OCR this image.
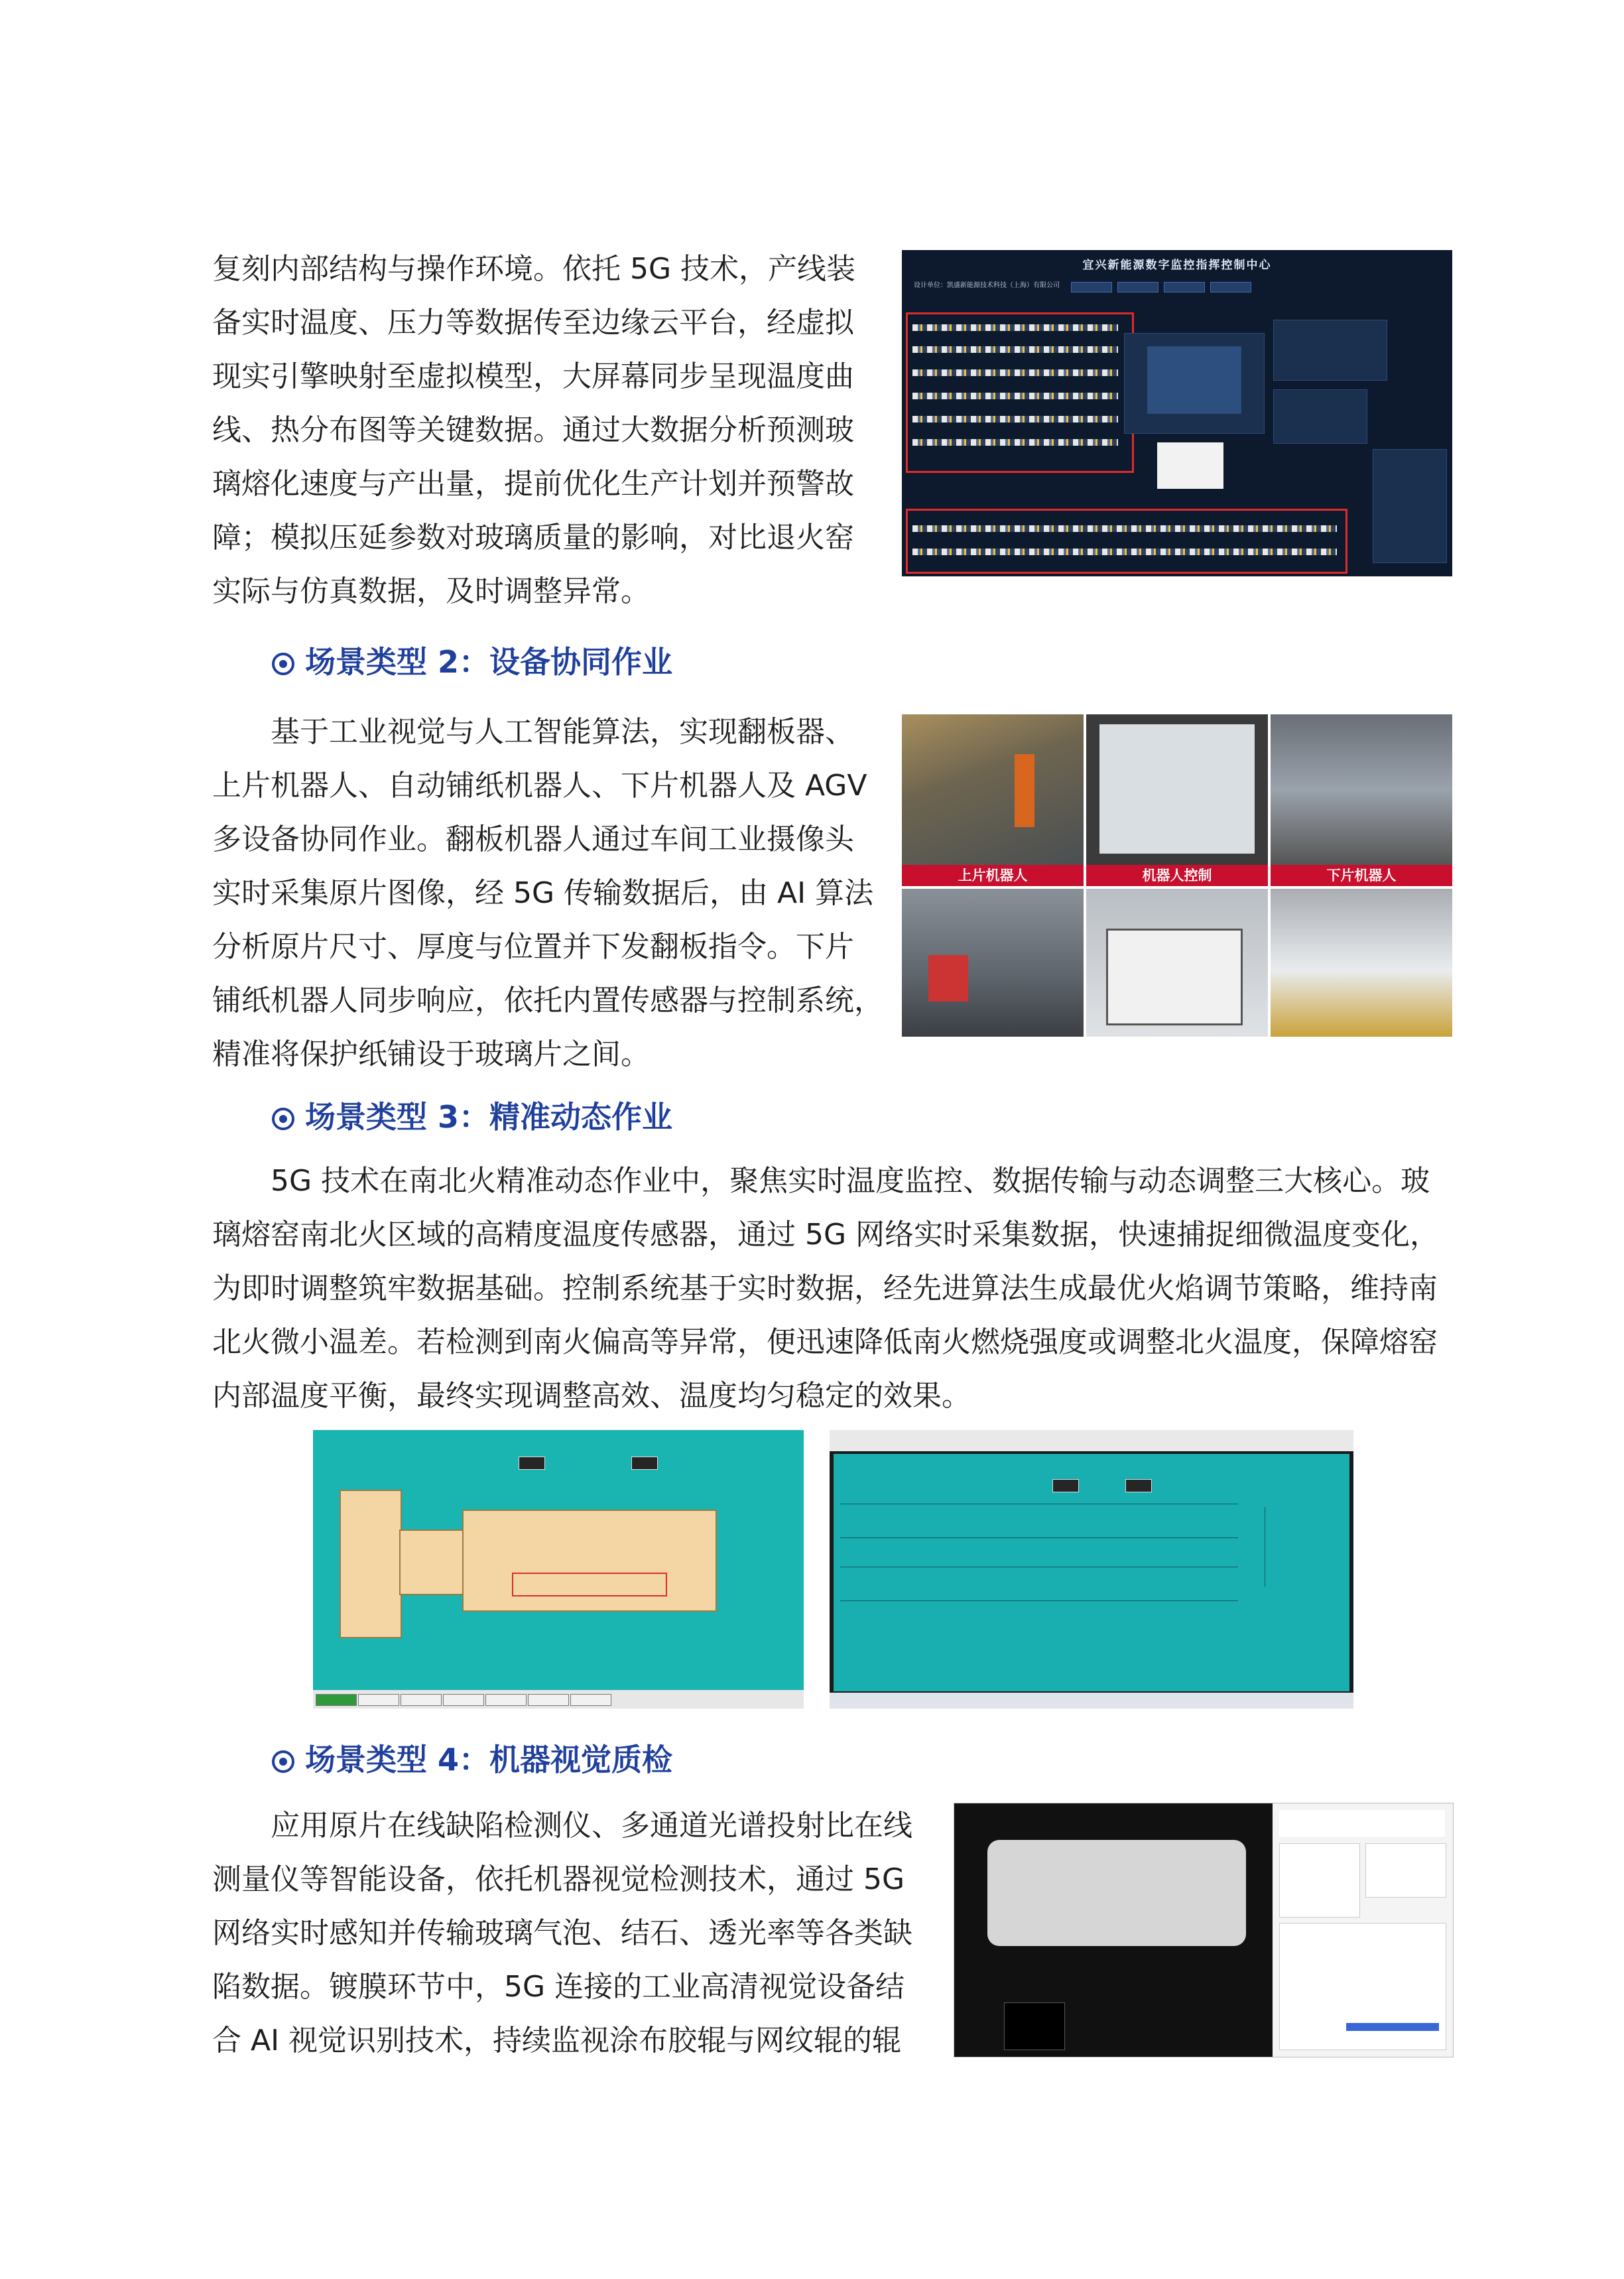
复刻内部结构与操作环境。依托 5G 技术，产线装
备实时温度、压力等数据传至边缘云平台，经虚拟
现实引擎映射至虚拟模型，大屏幕同步呈现温度曲
线、热分布图等关键数据。通过大数据分析预测玻
璃熔化速度与产出量，提前优化生产计划并预警故
障；模拟压延参数对玻璃质量的影响，对比退火窑
实际与仿真数据，及时调整异常。
宜兴新能源数字监控指挥控制中心
设计单位：凯盛新能源技术科技（上海）有限公司
场景类型 2：设备协同作业
基于工业视觉与人工智能算法，实现翻板器、
上片机器人、自动铺纸机器人、下片机器人及 AGV
多设备协同作业。翻板机器人通过车间工业摄像头
实时采集原片图像，经 5G 传输数据后，由 AI 算法
分析原片尺寸、厚度与位置并下发翻板指令。下片
铺纸机器人同步响应，依托内置传感器与控制系统，
精准将保护纸铺设于玻璃片之间。
上片机器人	机器人控制	下片机器人
场景类型 3：精准动态作业
5G 技术在南北火精准动态作业中，聚焦实时温度监控、数据传输与动态调整三大核心。玻
璃熔窑南北火区域的高精度温度传感器，通过 5G 网络实时采集数据，快速捕捉细微温度变化，
为即时调整筑牢数据基础。控制系统基于实时数据，经先进算法生成最优火焰调节策略，维持南
北火微小温差。若检测到南火偏高等异常，便迅速降低南火燃烧强度或调整北火温度，保障熔窑
内部温度平衡，最终实现调整高效、温度均匀稳定的效果。
场景类型 4：机器视觉质检
应用原片在线缺陷检测仪、多通道光谱投射比在线
测量仪等智能设备，依托机器视觉检测技术，通过 5G
网络实时感知并传输玻璃气泡、结石、透光率等各类缺
陷数据。镀膜环节中，5G 连接的工业高清视觉设备结
合 AI 视觉识别技术，持续监视涂布胶辊与网纹辊的辊
